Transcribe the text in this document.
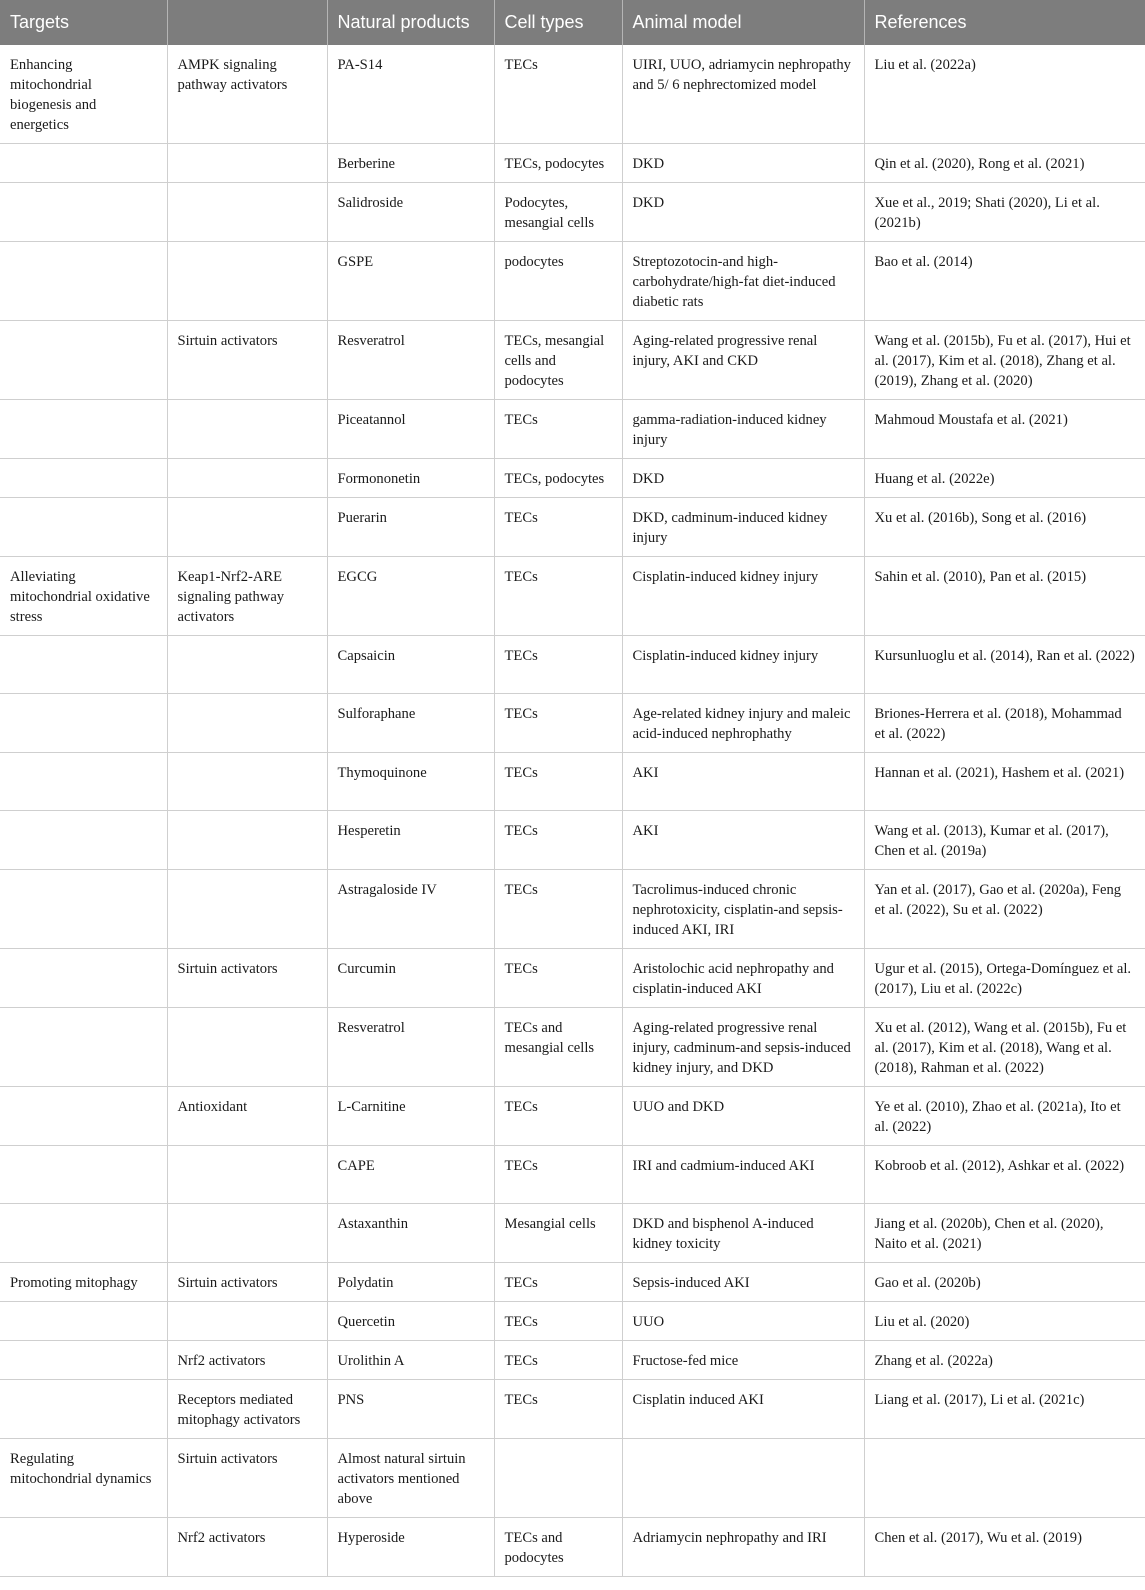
Targets		Natural products	Cell types	Animal model	References
Enhancing mitochondrial biogenesis and energetics	AMPK signaling pathway activators	PA-S14	TECs	UIRI, UUO, adriamycin nephropathy and 5/ 6 nephrectomized model	Liu et al. (2022a)
		Berberine	TECs, podocytes	DKD	Qin et al. (2020), Rong et al. (2021)
		Salidroside	Podocytes, mesangial cells	DKD	Xue et al., 2019; Shati (2020), Li et al. (2021b)
		GSPE	podocytes	Streptozotocin-and high-carbohydrate/high-fat diet-induced diabetic rats	Bao et al. (2014)
	Sirtuin activators	Resveratrol	TECs, mesangial cells and podocytes	Aging-related progressive renal injury, AKI and CKD	Wang et al. (2015b), Fu et al. (2017), Hui et al. (2017), Kim et al. (2018), Zhang et al. (2019), Zhang et al. (2020)
		Piceatannol	TECs	gamma-radiation-induced kidney injury	Mahmoud Moustafa et al. (2021)
		Formononetin	TECs, podocytes	DKD	Huang et al. (2022e)
		Puerarin	TECs	DKD, cadminum-induced kidney injury	Xu et al. (2016b), Song et al. (2016)
Alleviating mitochondrial oxidative stress	Keap1-Nrf2-ARE signaling pathway activators	EGCG	TECs	Cisplatin-induced kidney injury	Sahin et al. (2010), Pan et al. (2015)
		Capsaicin	TECs	Cisplatin-induced kidney injury	Kursunluoglu et al. (2014), Ran et al. (2022)
		Sulforaphane	TECs	Age-related kidney injury and maleic acid-induced nephrophathy	Briones-Herrera et al. (2018), Mohammad et al. (2022)
		Thymoquinone	TECs	AKI	Hannan et al. (2021), Hashem et al. (2021)
		Hesperetin	TECs	AKI	Wang et al. (2013), Kumar et al. (2017), Chen et al. (2019a)
		Astragaloside IV	TECs	Tacrolimus-induced chronic nephrotoxicity, cisplatin-and sepsis-induced AKI, IRI	Yan et al. (2017), Gao et al. (2020a), Feng et al. (2022), Su et al. (2022)
	Sirtuin activators	Curcumin	TECs	Aristolochic acid nephropathy and cisplatin-induced AKI	Ugur et al. (2015), Ortega-Domínguez et al. (2017), Liu et al. (2022c)
		Resveratrol	TECs and mesangial cells	Aging-related progressive renal injury, cadminum-and sepsis-induced kidney injury, and DKD	Xu et al. (2012), Wang et al. (2015b), Fu et al. (2017), Kim et al. (2018), Wang et al. (2018), Rahman et al. (2022)
	Antioxidant	L-Carnitine	TECs	UUO and DKD	Ye et al. (2010), Zhao et al. (2021a), Ito et al. (2022)
		CAPE	TECs	IRI and cadmium-induced AKI	Kobroob et al. (2012), Ashkar et al. (2022)
		Astaxanthin	Mesangial cells	DKD and bisphenol A-induced kidney toxicity	Jiang et al. (2020b), Chen et al. (2020), Naito et al. (2021)
Promoting mitophagy	Sirtuin activators	Polydatin	TECs	Sepsis-induced AKI	Gao et al. (2020b)
		Quercetin	TECs	UUO	Liu et al. (2020)
	Nrf2 activators	Urolithin A	TECs	Fructose-fed mice	Zhang et al. (2022a)
	Receptors mediated mitophagy activators	PNS	TECs	Cisplatin induced AKI	Liang et al. (2017), Li et al. (2021c)
Regulating mitochondrial dynamics	Sirtuin activators	Almost natural sirtuin activators mentioned above			
	Nrf2 activators	Hyperoside	TECs and podocytes	Adriamycin nephropathy and IRI	Chen et al. (2017), Wu et al. (2019)
